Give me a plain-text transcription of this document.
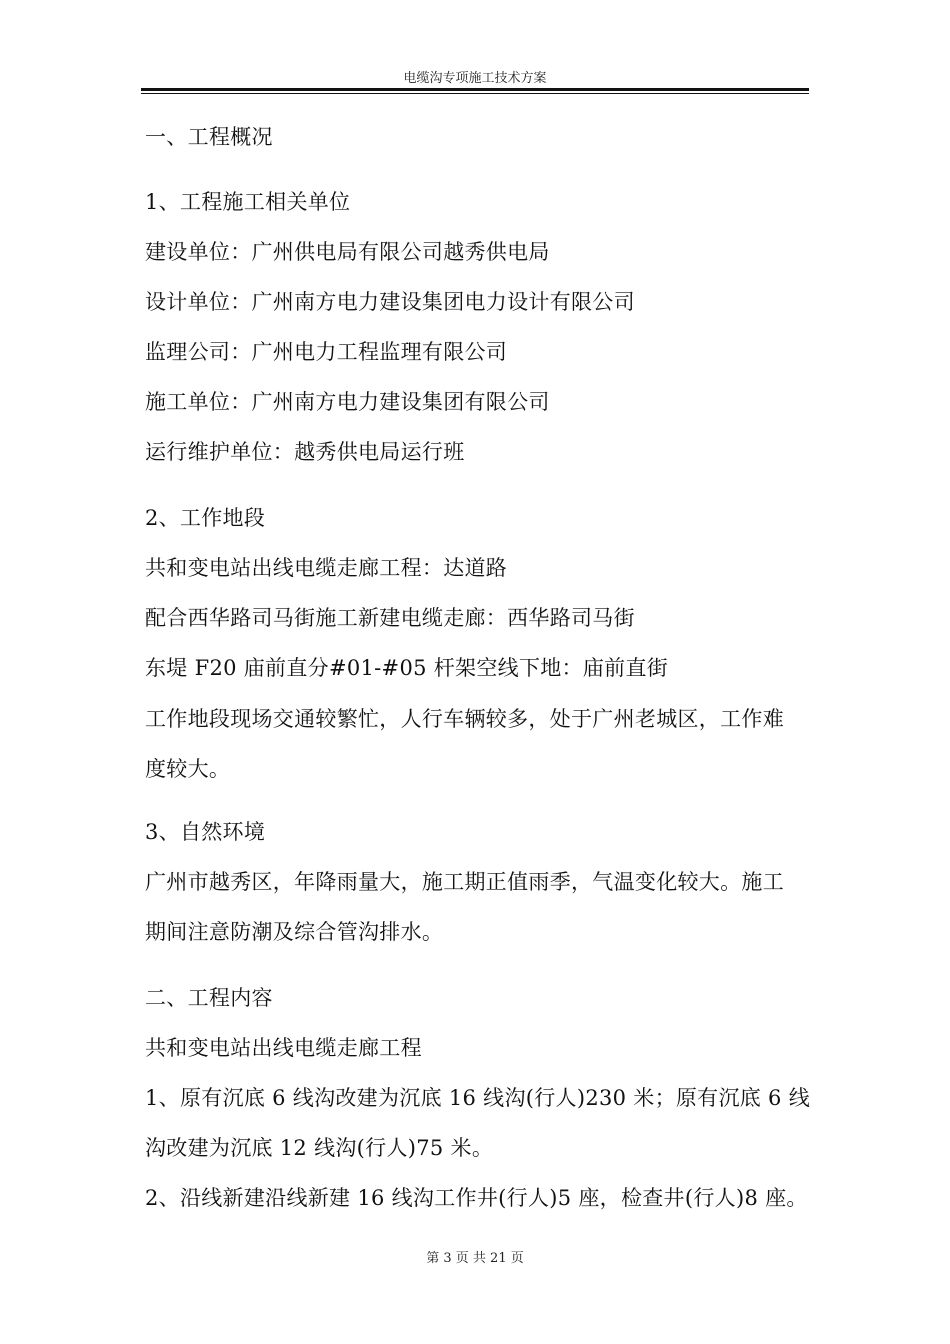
电缆沟专项施工技术方案
一、工程概况
1、工程施工相关单位
建设单位：广州供电局有限公司越秀供电局
设计单位：广州南方电力建设集团电力设计有限公司
监理公司：广州电力工程监理有限公司
施工单位：广州南方电力建设集团有限公司
运行维护单位：越秀供电局运行班
2、工作地段
共和变电站出线电缆走廊工程：达道路
配合西华路司马街施工新建电缆走廊：西华路司马街
东堤 F20 庙前直分#01-#05 杆架空线下地：庙前直街
工作地段现场交通较繁忙，人行车辆较多，处于广州老城区，工作难
度较大。
3、自然环境
广州市越秀区，年降雨量大，施工期正值雨季，气温变化较大。施工
期间注意防潮及综合管沟排水。
二、工程内容
共和变电站出线电缆走廊工程
1、原有沉底 6 线沟改建为沉底 16 线沟(行人)230 米；原有沉底 6 线
沟改建为沉底 12 线沟(行人)75 米。
2、沿线新建沿线新建 16 线沟工作井(行人)5 座，检查井(行人)8 座。
第 3 页 共 21 页
